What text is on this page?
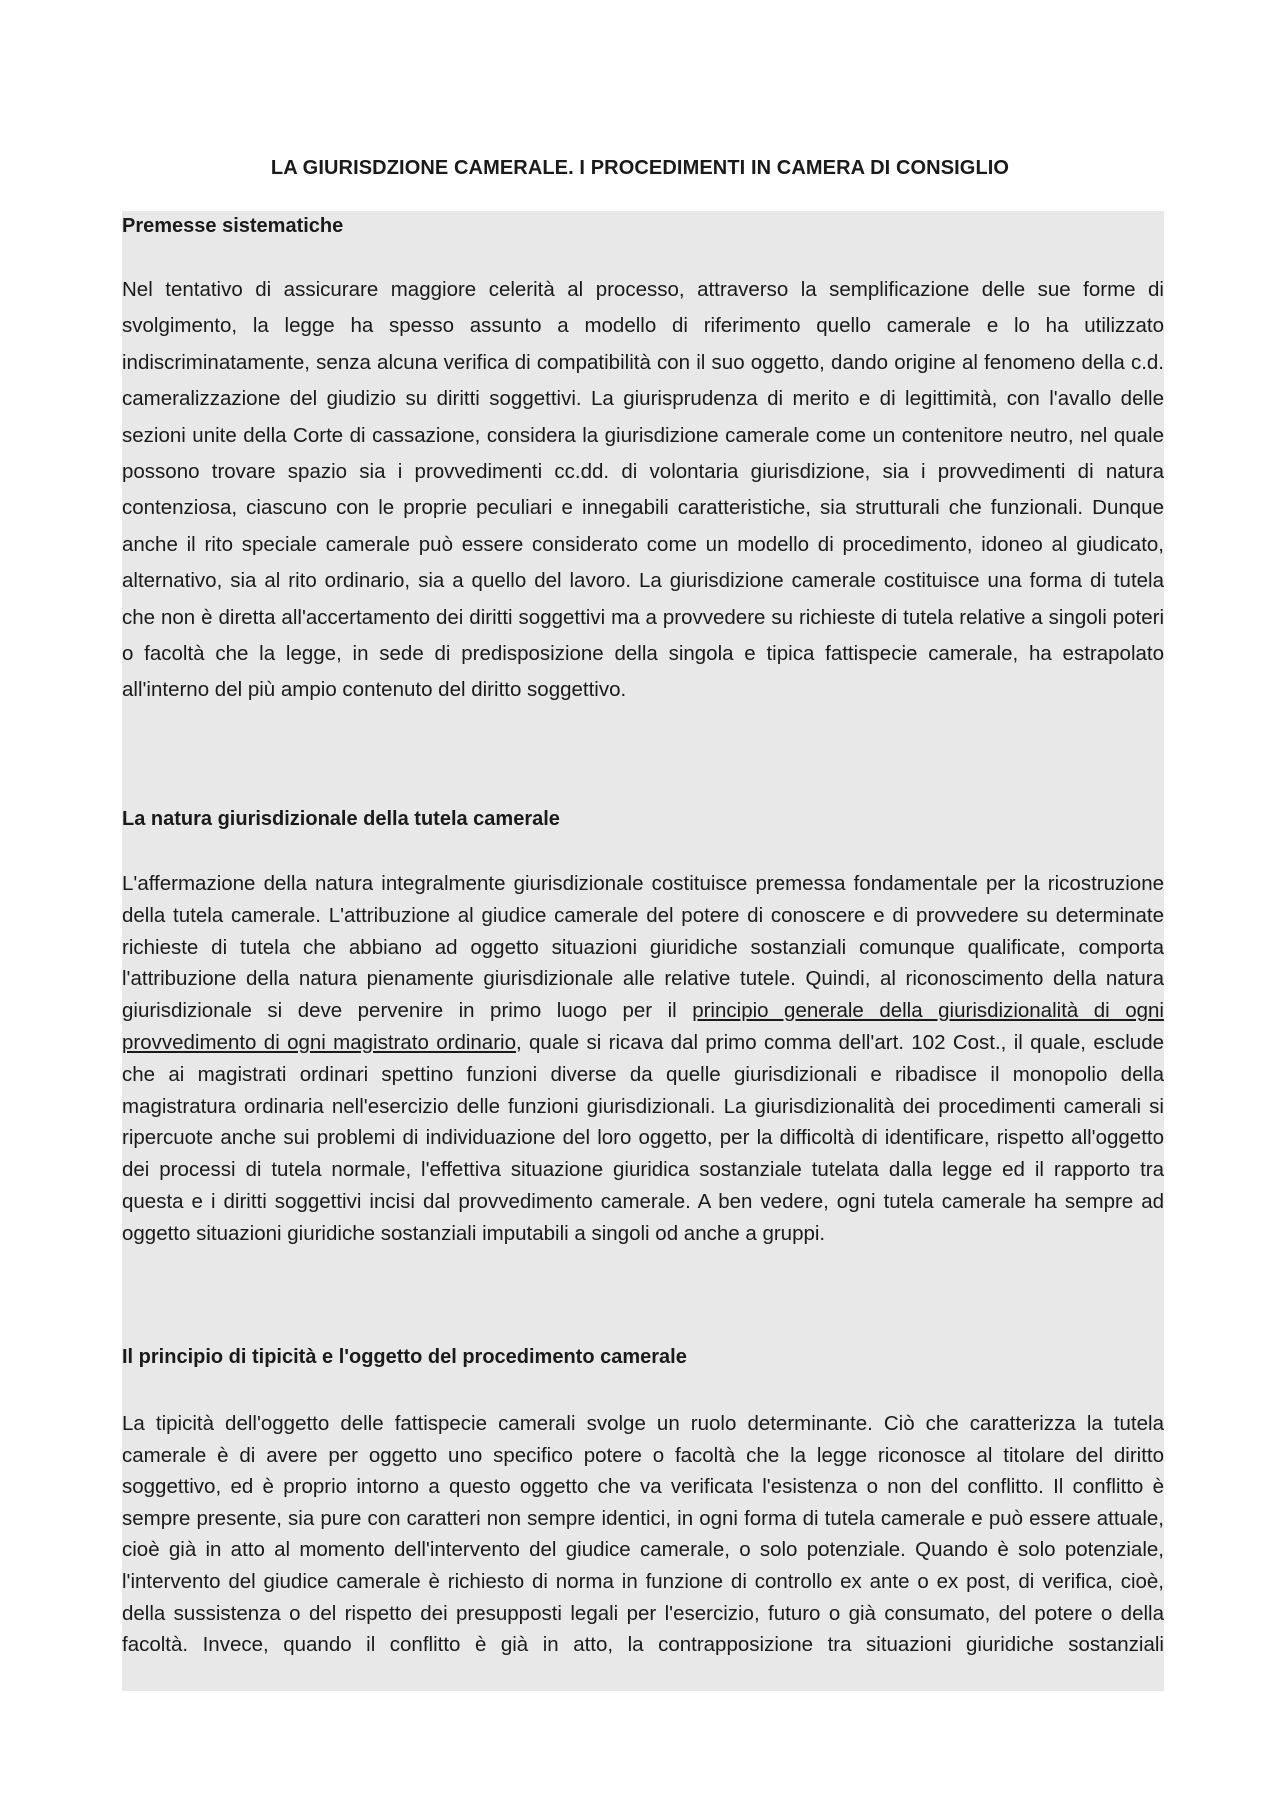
LA GIURISDZIONE CAMERALE. I PROCEDIMENTI IN CAMERA DI CONSIGLIO
Premesse sistematiche
Nel tentativo di assicurare maggiore celerità al processo, attraverso la semplificazione delle sue forme di svolgimento, la legge ha spesso assunto a modello di riferimento quello camerale e lo ha utilizzato indiscriminatamente, senza alcuna verifica di compatibilità con il suo oggetto, dando origine al fenomeno della c.d. cameralizzazione del giudizio su diritti soggettivi. La giurisprudenza di merito e di legittimità, con l'avallo delle sezioni unite della Corte di cassazione, considera la giurisdizione camerale come un contenitore neutro, nel quale possono trovare spazio sia i provvedimenti cc.dd. di volontaria giurisdizione, sia i provvedimenti di natura contenziosa, ciascuno con le proprie peculiari e innegabili caratteristiche, sia strutturali che funzionali. Dunque anche il rito speciale camerale può essere considerato come un modello di procedimento, idoneo al giudicato, alternativo, sia al rito ordinario, sia a quello del lavoro. La giurisdizione camerale costituisce una forma di tutela che non è diretta all'accertamento dei diritti soggettivi ma a provvedere su richieste di tutela relative a singoli poteri o facoltà che la legge, in sede di predisposizione della singola e tipica fattispecie camerale, ha estrapolato all'interno del più ampio contenuto del diritto soggettivo.
La natura giurisdizionale della tutela camerale
L'affermazione della natura integralmente giurisdizionale costituisce premessa fondamentale per la ricostruzione della tutela camerale. L'attribuzione al giudice camerale del potere di conoscere e di provvedere su determinate richieste di tutela che abbiano ad oggetto situazioni giuridiche sostanziali comunque qualificate, comporta l'attribuzione della natura pienamente giurisdizionale alle relative tutele. Quindi, al riconoscimento della natura giurisdizionale si deve pervenire in primo luogo per il principio generale della giurisdizionalità di ogni provvedimento di ogni magistrato ordinario, quale si ricava dal primo comma dell'art. 102 Cost., il quale, esclude che ai magistrati ordinari spettino funzioni diverse da quelle giurisdizionali e ribadisce il monopolio della magistratura ordinaria nell'esercizio delle funzioni giurisdizionali. La giurisdizionalità dei procedimenti camerali si ripercuote anche sui problemi di individuazione del loro oggetto, per la difficoltà di identificare, rispetto all'oggetto dei processi di tutela normale, l'effettiva situazione giuridica sostanziale tutelata dalla legge ed il rapporto tra questa e i diritti soggettivi incisi dal provvedimento camerale. A ben vedere, ogni tutela camerale ha sempre ad oggetto situazioni giuridiche sostanziali imputabili a singoli od anche a gruppi.
Il principio di tipicità e l'oggetto del procedimento camerale
La tipicità dell'oggetto delle fattispecie camerali svolge un ruolo determinante. Ciò che caratterizza la tutela camerale è di avere per oggetto uno specifico potere o facoltà che la legge riconosce al titolare del diritto soggettivo, ed è proprio intorno a questo oggetto che va verificata l'esistenza o non del conflitto. Il conflitto è sempre presente, sia pure con caratteri non sempre identici, in ogni forma di tutela camerale e può essere attuale, cioè già in atto al momento dell'intervento del giudice camerale, o solo potenziale. Quando è solo potenziale, l'intervento del giudice camerale è richiesto di norma in funzione di controllo ex ante o ex post, di verifica, cioè, della sussistenza o del rispetto dei presupposti legali per l'esercizio, futuro o già consumato, del potere o della facoltà. Invece, quando il conflitto è già in atto, la contrapposizione tra situazioni giuridiche sostanziali
